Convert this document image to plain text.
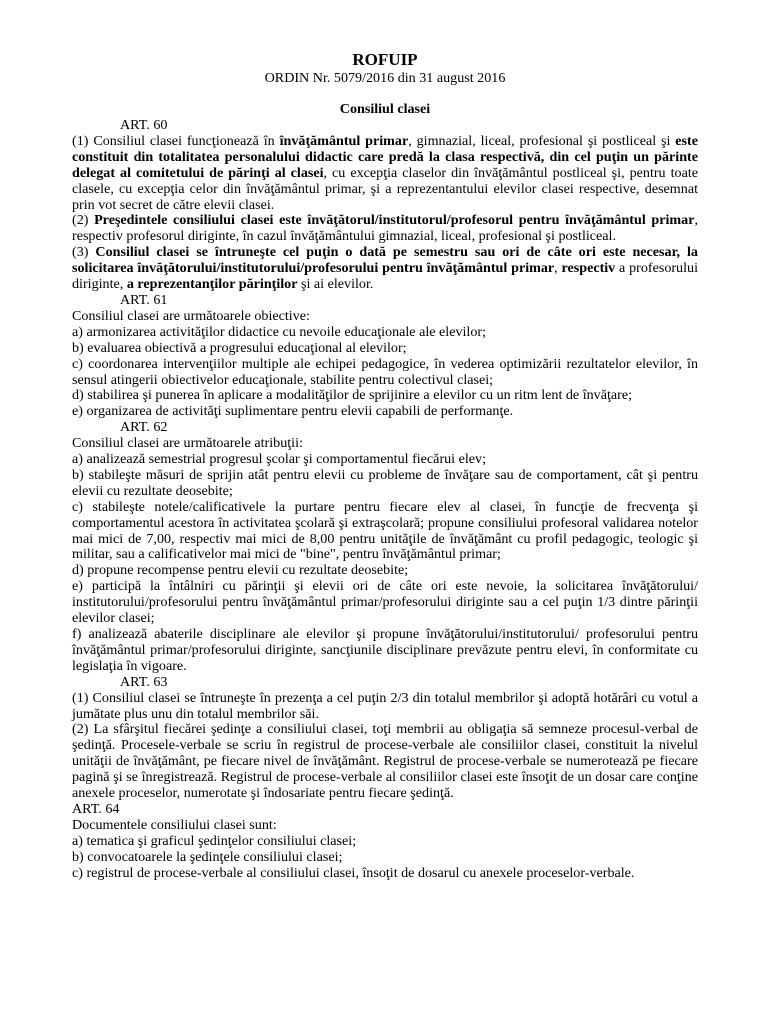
ROFUIP
ORDIN Nr. 5079/2016 din 31 august 2016
Consiliul clasei
ART. 60

(1) Consiliul clasei funcţionează în învăţământul primar, gimnazial, liceal, profesional şi postliceal şi este constituit din totalitatea personalului didactic care predă la clasa respectivă, din cel puţin un părinte delegat al comitetului de părinţi al clasei, cu excepţia claselor din învăţământul postliceal şi, pentru toate clasele, cu excepţia celor din învăţământul primar, şi a reprezentantului elevilor clasei respective, desemnat prin vot secret de către elevii clasei.

(2) Preşedintele consiliului clasei este învăţătorul/institutorul/profesorul pentru învăţământul primar, respectiv profesorul diriginte, în cazul învăţământului gimnazial, liceal, profesional şi postliceal.

(3) Consiliul clasei se întruneşte cel puţin o dată pe semestru sau ori de câte ori este necesar, la solicitarea învăţătorului/institutorului/profesorului pentru învăţământul primar, respectiv a profesorului diriginte, a reprezentanţilor părinţilor şi ai elevilor.

ART. 61

Consiliul clasei are următoarele obiective:

a) armonizarea activităţilor didactice cu nevoile educaţionale ale elevilor;

b) evaluarea obiectivă a progresului educaţional al elevilor;

c) coordonarea intervenţiilor multiple ale echipei pedagogice, în vederea optimizării rezultatelor elevilor, în sensul atingerii obiectivelor educaţionale, stabilite pentru colectivul clasei;

d) stabilirea şi punerea în aplicare a modalităţilor de sprijinire a elevilor cu un ritm lent de învăţare;

e) organizarea de activităţi suplimentare pentru elevii capabili de performanţe.

ART. 62

Consiliul clasei are următoarele atribuţii:

a) analizează semestrial progresul şcolar şi comportamentul fiecărui elev;

b) stabileşte măsuri de sprijin atât pentru elevii cu probleme de învăţare sau de comportament, cât şi pentru elevii cu rezultate deosebite;

c) stabileşte notele/calificativele la purtare pentru fiecare elev al clasei, în funcţie de frecvenţa şi comportamentul acestora în activitatea şcolară şi extraşcolară; propune consiliului profesoral validarea notelor mai mici de 7,00, respectiv mai mici de 8,00 pentru unităţile de învăţământ cu profil pedagogic, teologic şi militar, sau a calificativelor mai mici de "bine", pentru învăţământul primar;

d) propune recompense pentru elevii cu rezultate deosebite;

e) participă la întâlniri cu părinţii şi elevii ori de câte ori este nevoie, la solicitarea învăţătorului/ institutorului/profesorului pentru învăţământul primar/profesorului diriginte sau a cel puţin 1/3 dintre părinţii elevilor clasei;

f) analizează abaterile disciplinare ale elevilor şi propune învăţătorului/institutorului/ profesorului pentru învăţământul primar/profesorului diriginte, sancţiunile disciplinare prevăzute pentru elevi, în conformitate cu legislaţia în vigoare.

ART. 63

(1) Consiliul clasei se întruneşte în prezenţa a cel puţin 2/3 din totalul membrilor şi adoptă hotărâri cu votul a jumătate plus unu din totalul membrilor săi.

(2) La sfârşitul fiecărei şedinţe a consiliului clasei, toţi membrii au obligaţia să semneze procesul-verbal de şedinţă. Procesele-verbale se scriu în registrul de procese-verbale ale consiliilor clasei, constituit la nivelul unităţii de învăţământ, pe fiecare nivel de învăţământ. Registrul de procese-verbale se numerotează pe fiecare pagină şi se înregistrează. Registrul de procese-verbale al consiliilor clasei este însoţit de un dosar care conţine anexele proceselor, numerotate şi îndosariate pentru fiecare şedinţă.

ART. 64

Documentele consiliului clasei sunt:

a) tematica şi graficul şedinţelor consiliului clasei;

b) convocatoarele la şedinţele consiliului clasei;

c) registrul de procese-verbale al consiliului clasei, însoţit de dosarul cu anexele proceselor-verbale.
